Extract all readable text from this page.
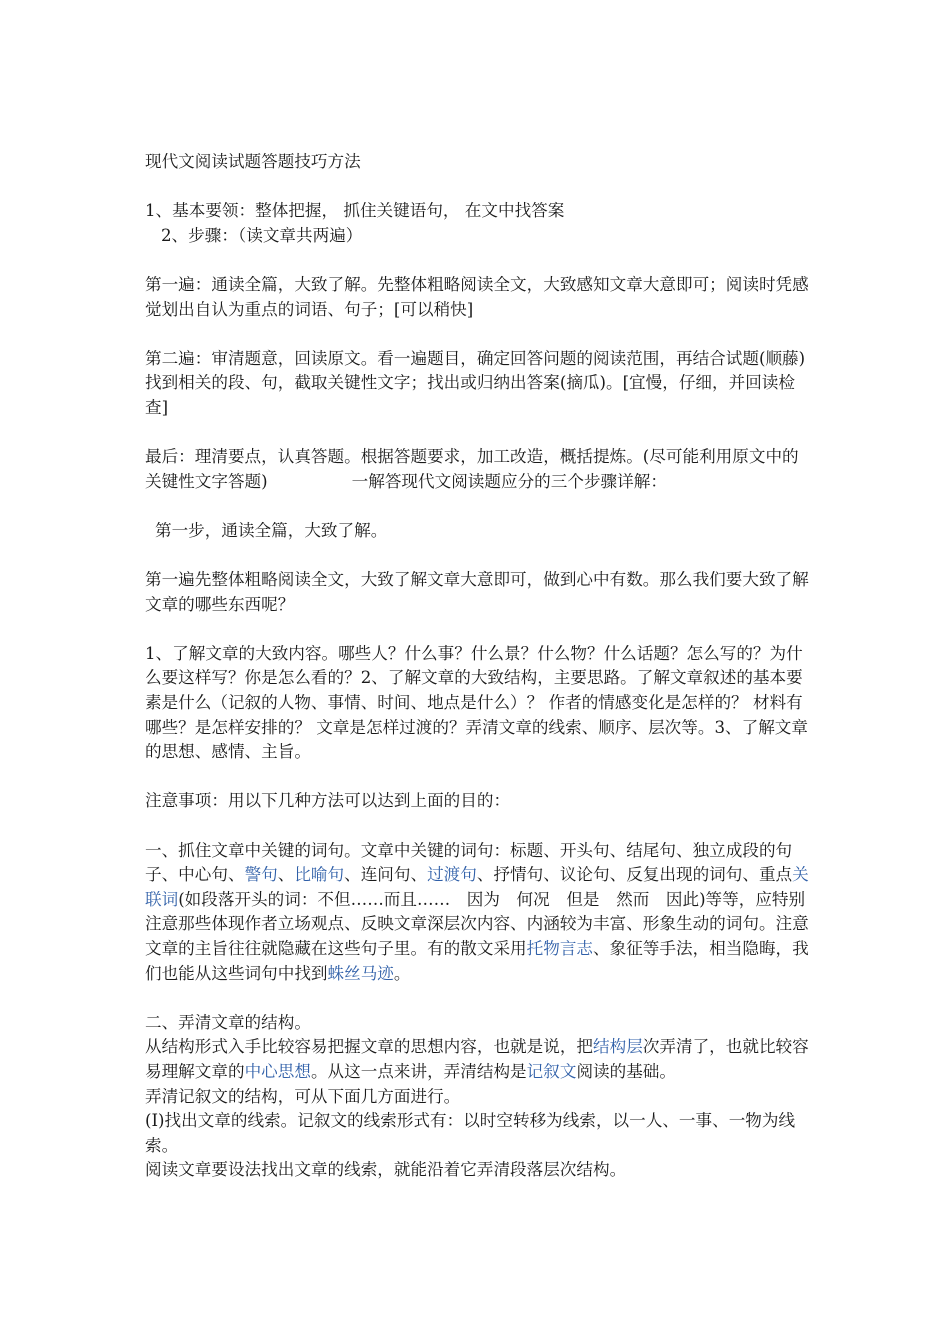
现代文阅读试题答题技巧方法

1、基本要领：整体把握， 抓住关键语句， 在文中找答案

2、步骤：（读文章共两遍）

第一遍：通读全篇，大致了解。先整体粗略阅读全文，大致感知文章大意即可；阅读时凭感觉划出自认为重点的词语、句子；[可以稍快]

第二遍：审清题意，回读原文。看一遍题目，确定回答问题的阅读范围，再结合试题(顺藤)找到相关的段、句，截取关键性文字；找出或归纳出答案(摘瓜)。[宜慢，仔细，并回读检查]

最后：理清要点，认真答题。根据答题要求，加工改造，概括提炼。(尽可能利用原文中的关键性文字答题)	一解答现代文阅读题应分的三个步骤详解：

第一步，通读全篇，大致了解。

第一遍先整体粗略阅读全文，大致了解文章大意即可，做到心中有数。那么我们要大致了解文章的哪些东西呢？

1、了解文章的大致内容。哪些人？什么事？什么景？什么物？什么话题？怎么写的？为什么要这样写？你是怎么看的？2、了解文章的大致结构，主要思路。了解文章叙述的基本要素是什么（记叙的人物、事情、时间、地点是什么）？ 作者的情感变化是怎样的？ 材料有哪些？是怎样安排的？ 文章是怎样过渡的？弄清文章的线索、顺序、层次等。3、了解文章的思想、感情、主旨。

注意事项：用以下几种方法可以达到上面的目的：

一、抓住文章中关键的词句。文章中关键的词句：标题、开头句、结尾句、独立成段的句子、中心句、警句、比喻句、连问句、过渡句、抒情句、议论句、反复出现的词句、重点关联词(如段落开头的词：不但……而且……　因为　何况　但是　然而　因此)等等，应特别注意那些体现作者立场观点、反映文章深层次内容、内涵较为丰富、形象生动的词句。注意文章的主旨往往就隐藏在这些句子里。有的散文采用托物言志、象征等手法，相当隐晦，我们也能从这些词句中找到蛛丝马迹。

二、弄清文章的结构。

从结构形式入手比较容易把握文章的思想内容，也就是说，把结构层次弄清了，也就比较容易理解文章的中心思想。从这一点来讲，弄清结构是记叙文阅读的基础。

弄清记叙文的结构，可从下面几方面进行。

(Ⅰ)找出文章的线索。记叙文的线索形式有：以时空转移为线索，以一人、一事、一物为线索。

阅读文章要设法找出文章的线索，就能沿着它弄清段落层次结构。
